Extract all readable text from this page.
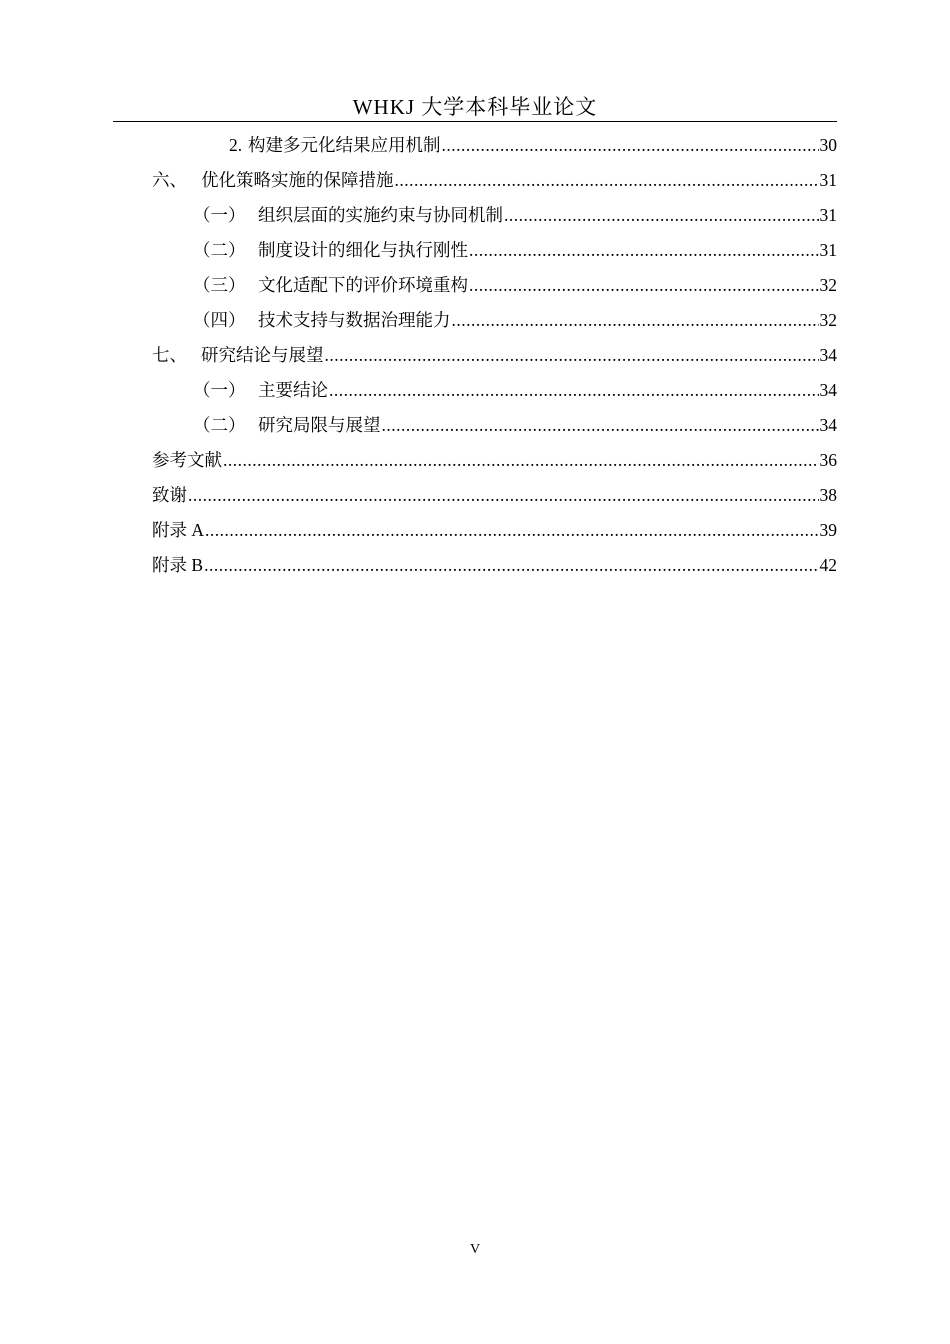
WHKJ 大学本科毕业论文
2. 构建多元化结果应用机制 .....	30
六、 优化策略实施的保障措施 .....	31
（一） 组织层面的实施约束与协同机制 .....	31
（二） 制度设计的细化与执行刚性 .....	31
（三） 文化适配下的评价环境重构 .....	32
（四） 技术支持与数据治理能力 .....	32
七、 研究结论与展望 .....	34
（一） 主要结论 .....	34
（二） 研究局限与展望 .....	34
参考文献 .....	36
致谢 .....	38
附录 A .....	39
附录 B .....	42
V
